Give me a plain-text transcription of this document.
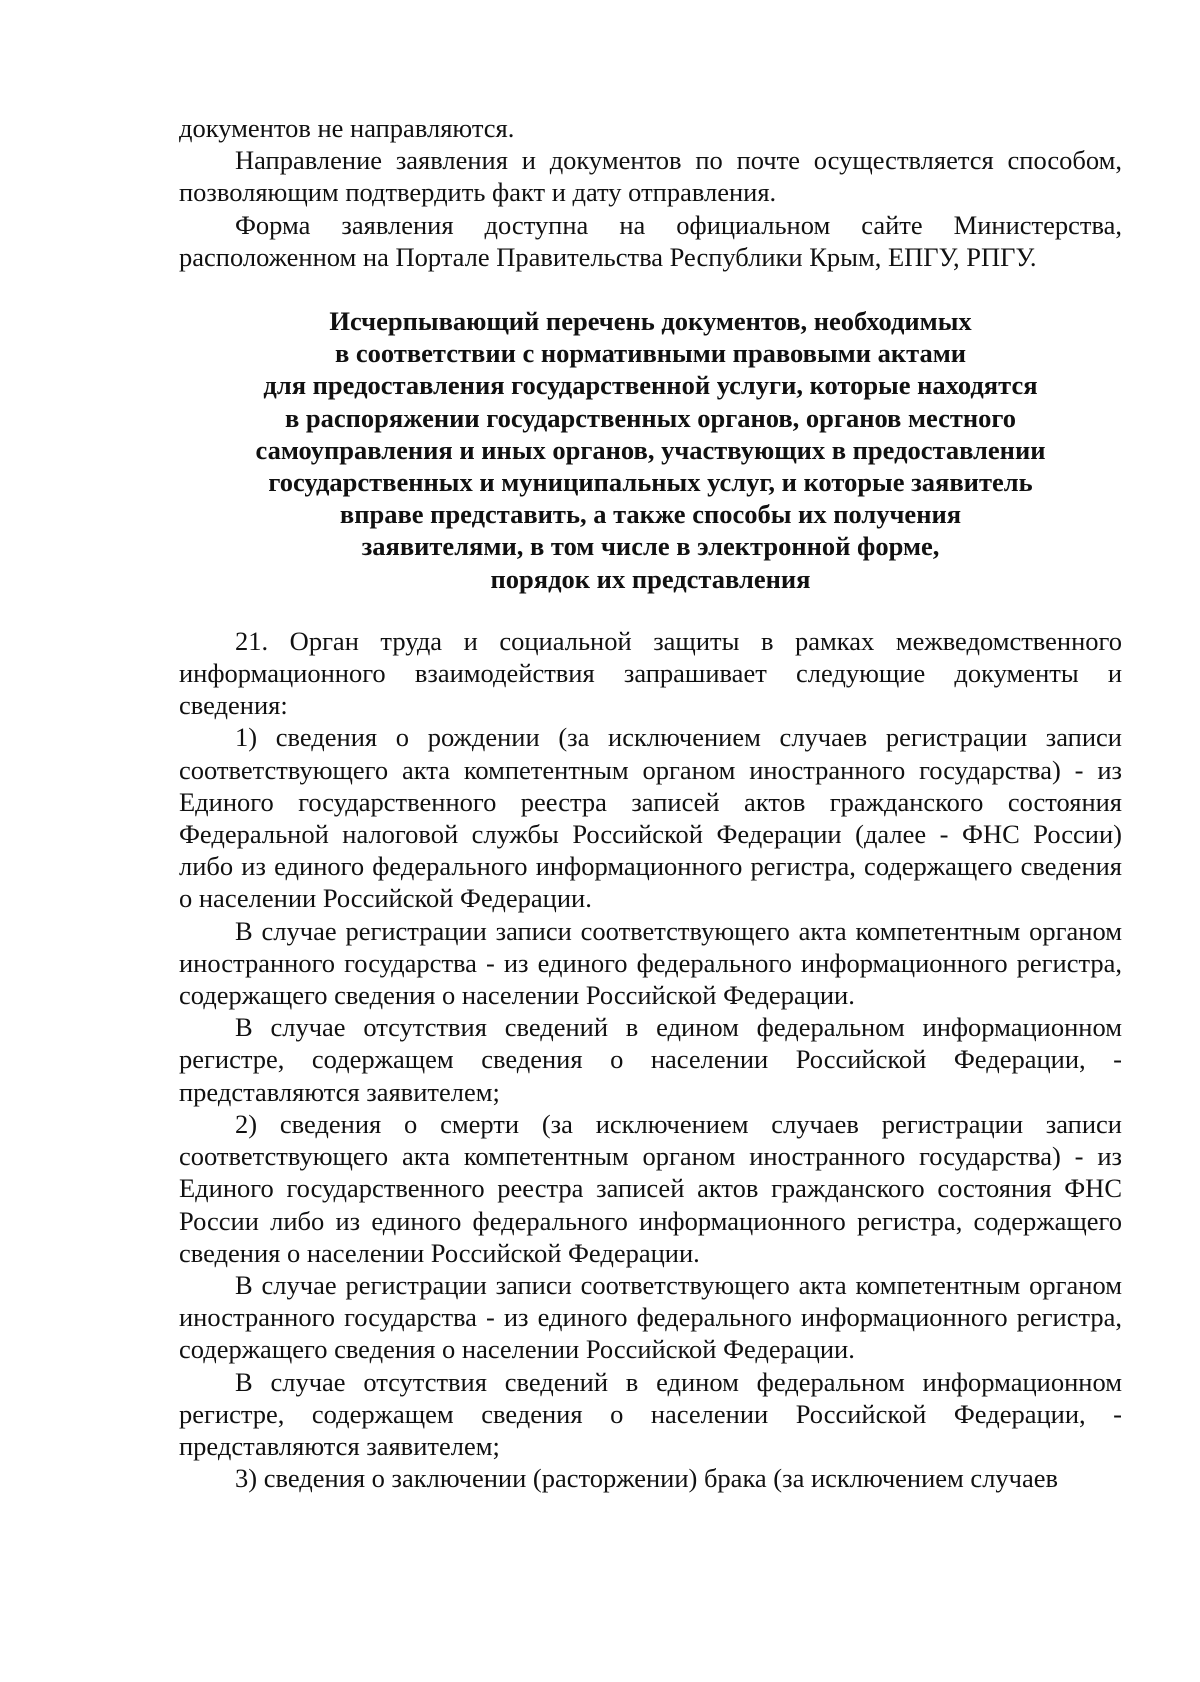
документов не направляются.

Направление заявления и документов по почте осуществляется способом, позволяющим подтвердить факт и дату отправления.

Форма заявления доступна на официальном сайте Министерства, расположенном на Портале Правительства Республики Крым, ЕПГУ, РПГУ.

Исчерпывающий перечень документов, необходимых
в соответствии с нормативными правовыми актами
для предоставления государственной услуги, которые находятся
в распоряжении государственных органов, органов местного
самоуправления и иных органов, участвующих в предоставлении
государственных и муниципальных услуг, и которые заявитель
вправе представить, а также способы их получения
заявителями, в том числе в электронной форме,
порядок их представления

21. Орган труда и социальной защиты в рамках межведомственного информационного взаимодействия запрашивает следующие документы и сведения:

1) сведения о рождении (за исключением случаев регистрации записи соответствующего акта компетентным органом иностранного государства) - из Единого государственного реестра записей актов гражданского состояния Федеральной налоговой службы Российской Федерации (далее - ФНС России) либо из единого федерального информационного регистра, содержащего сведения о населении Российской Федерации.

В случае регистрации записи соответствующего акта компетентным органом иностранного государства - из единого федерального информационного регистра, содержащего сведения о населении Российской Федерации.

В случае отсутствия сведений в едином федеральном информационном регистре, содержащем сведения о населении Российской Федерации, - представляются заявителем;

2) сведения о смерти (за исключением случаев регистрации записи соответствующего акта компетентным органом иностранного государства) - из Единого государственного реестра записей актов гражданского состояния ФНС России либо из единого федерального информационного регистра, содержащего сведения о населении Российской Федерации.

В случае регистрации записи соответствующего акта компетентным органом иностранного государства - из единого федерального информационного регистра, содержащего сведения о населении Российской Федерации.

В случае отсутствия сведений в едином федеральном информационном регистре, содержащем сведения о населении Российской Федерации, - представляются заявителем;

3) сведения о заключении (расторжении) брака (за исключением случаев
